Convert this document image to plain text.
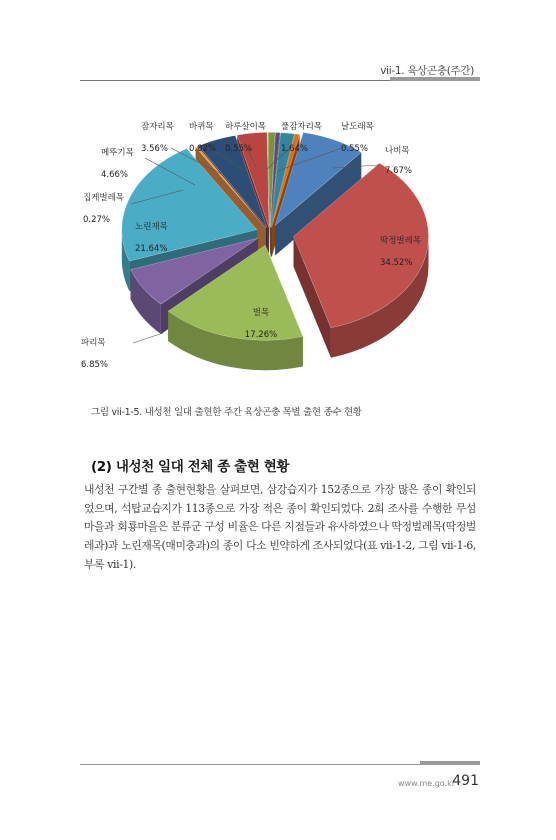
vii-1. 육상곤충(주간)
나비목
7.67%
딱정벌레목
34.52%
벌목
17.26%
파리목
6.85%
노린재목
21.64%
집게벌레목
0.27%
메뚜기목
4.66%
잠자리목
3.56%
바퀴목
0.82%
하루살이목
0.55%
풀잠자리목
1.64%
날도래목
0.55%
그림 vii-1-5. 내성천 일대 출현한 주간 육상곤충 목별 출현 종수 현황
(2) 내성천 일대 전체 종 출현 현황
내성천 구간별 종 출현현황을 살펴보면, 삼강습지가 152종으로 가장 많은 종이 확인되었으며, 석탑교습지가 113종으로 가장 적은 종이 확인되었다. 2회 조사를 수행한 무섬마을과 회룡마을은 분류군 구성 비율은 다른 지점들과 유사하였으나 딱정벌레목(딱정벌레과)과 노린재목(매미충과)의 종이 다소 빈약하게 조사되었다(표 vii-1-2, 그림 vii-1-6, 부록 vii-1).
www.me.go.kr
491
